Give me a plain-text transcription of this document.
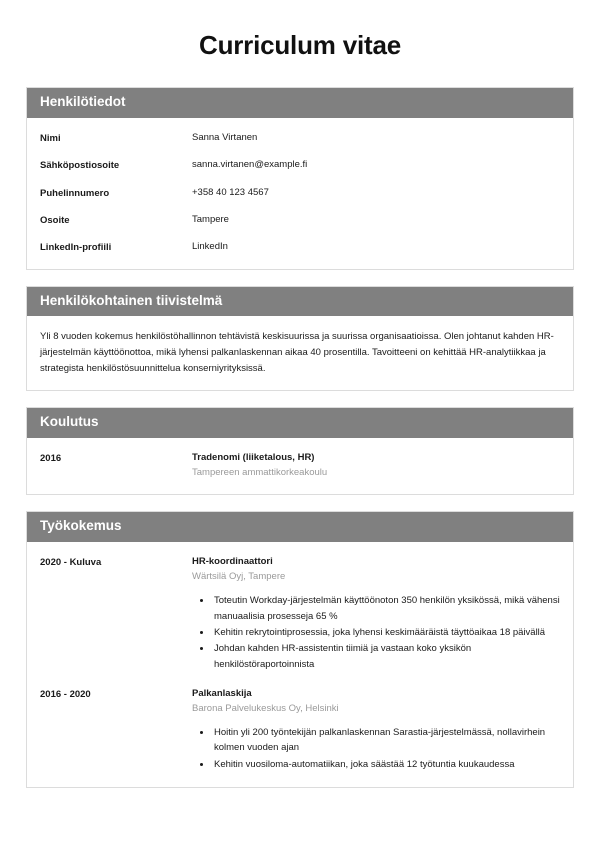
Curriculum vitae
Henkilötiedot
Nimi	Sanna Virtanen
Sähköpostiosoite	sanna.virtanen@example.fi
Puhelinnumero	+358 40 123 4567
Osoite	Tampere
LinkedIn-profiili	LinkedIn
Henkilökohtainen tiivistelmä

Yli 8 vuoden kokemus henkilöstöhallinnon tehtävistä keskisuurissa ja suurissa organisaatioissa. Olen johtanut kahden HR-järjestelmän käyttöönottoa, mikä lyhensi palkanlaskennan aikaa 40 prosentilla. Tavoitteeni on kehittää HR-analytiikkaa ja strategista henkilöstösuunnittelua konserniyrityksissä.

Koulutus
2016	Tradenomi (liiketalous, HR)
Tampereen ammattikorkeakoulu
Työkokemus
2020 - Kuluva	HR-koordinaattori
Wärtsilä Oyj, Tampere
• Toteutin Workday-järjestelmän käyttöönoton 350 henkilön yksikössä, mikä vähensi manuaalisia prosesseja 65 %
• Kehitin rekrytointiprosessia, joka lyhensi keskimääräistä täyttöaikaa 18 päivällä
• Johdan kahden HR-assistentin tiimiä ja vastaan koko yksikön henkilöstöraportoinnista
2016 - 2020	Palkanlaskija
Barona Palvelukeskus Oy, Helsinki
• Hoitin yli 200 työntekijän palkanlaskennan Sarastia-järjestelmässä, nollavirhein kolmen vuoden ajan
• Kehitin vuosiloma-automatiikan, joka säästää 12 työtuntia kuukaudessa
